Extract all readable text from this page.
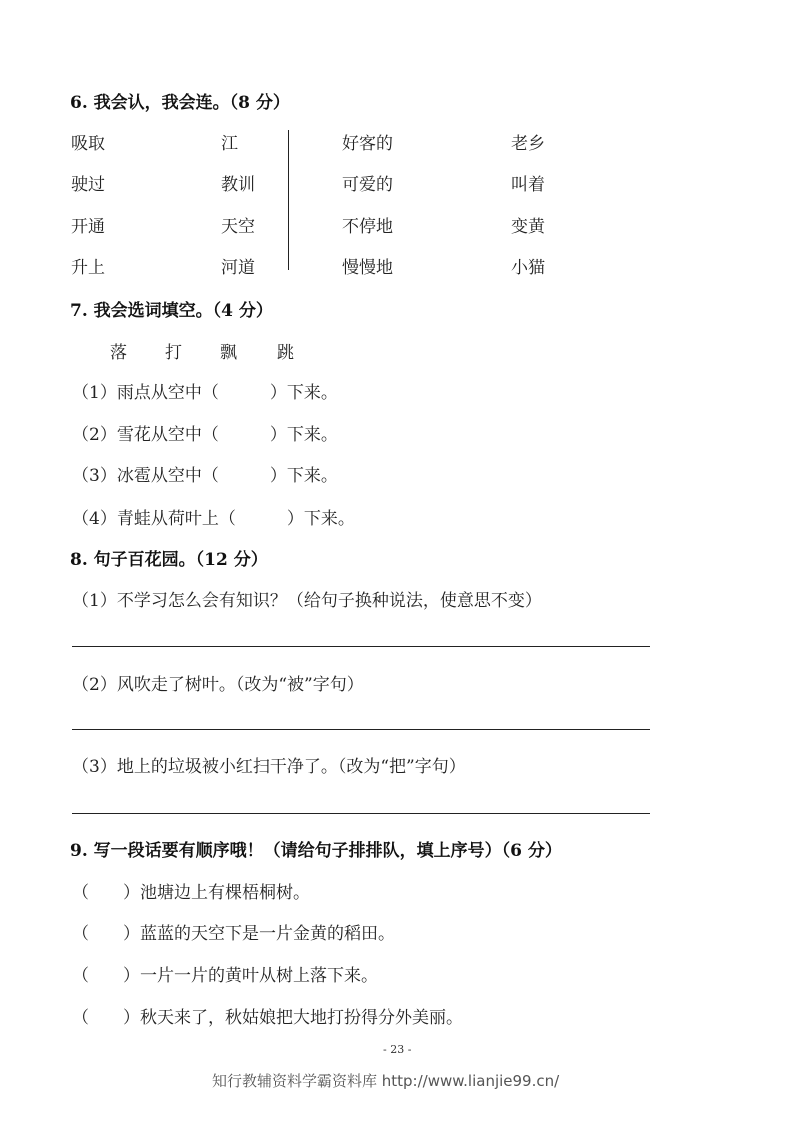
6. 我会认，我会连。（8 分）
吸取
驶过
开通
升上
江
教训
天空
河道
好客的
可爱的
不停地
慢慢地
老乡
叫着
变黄
小猫
7. 我会选词填空。（4 分）
落 打 飘 跳
（1）雨点从空中（　　　）下来。
（2）雪花从空中（　　　）下来。
（3）冰雹从空中（　　　）下来。
（4）青蛙从荷叶上（　　　）下来。
8. 句子百花园。（12 分）
（1）不学习怎么会有知识？（给句子换种说法，使意思不变）
（2）风吹走了树叶。（改为“被”字句）
（3）地上的垃圾被小红扫干净了。（改为“把”字句）
9. 写一段话要有顺序哦！（请给句子排排队，填上序号）（6 分）
（　　）池塘边上有棵梧桐树。
（　　）蓝蓝的天空下是一片金黄的稻田。
（　　）一片一片的黄叶从树上落下来。
（　　）秋天来了，秋姑娘把大地打扮得分外美丽。
- 23 -
知行教辅资料学霸资料库 http://www.lianjie99.cn/
